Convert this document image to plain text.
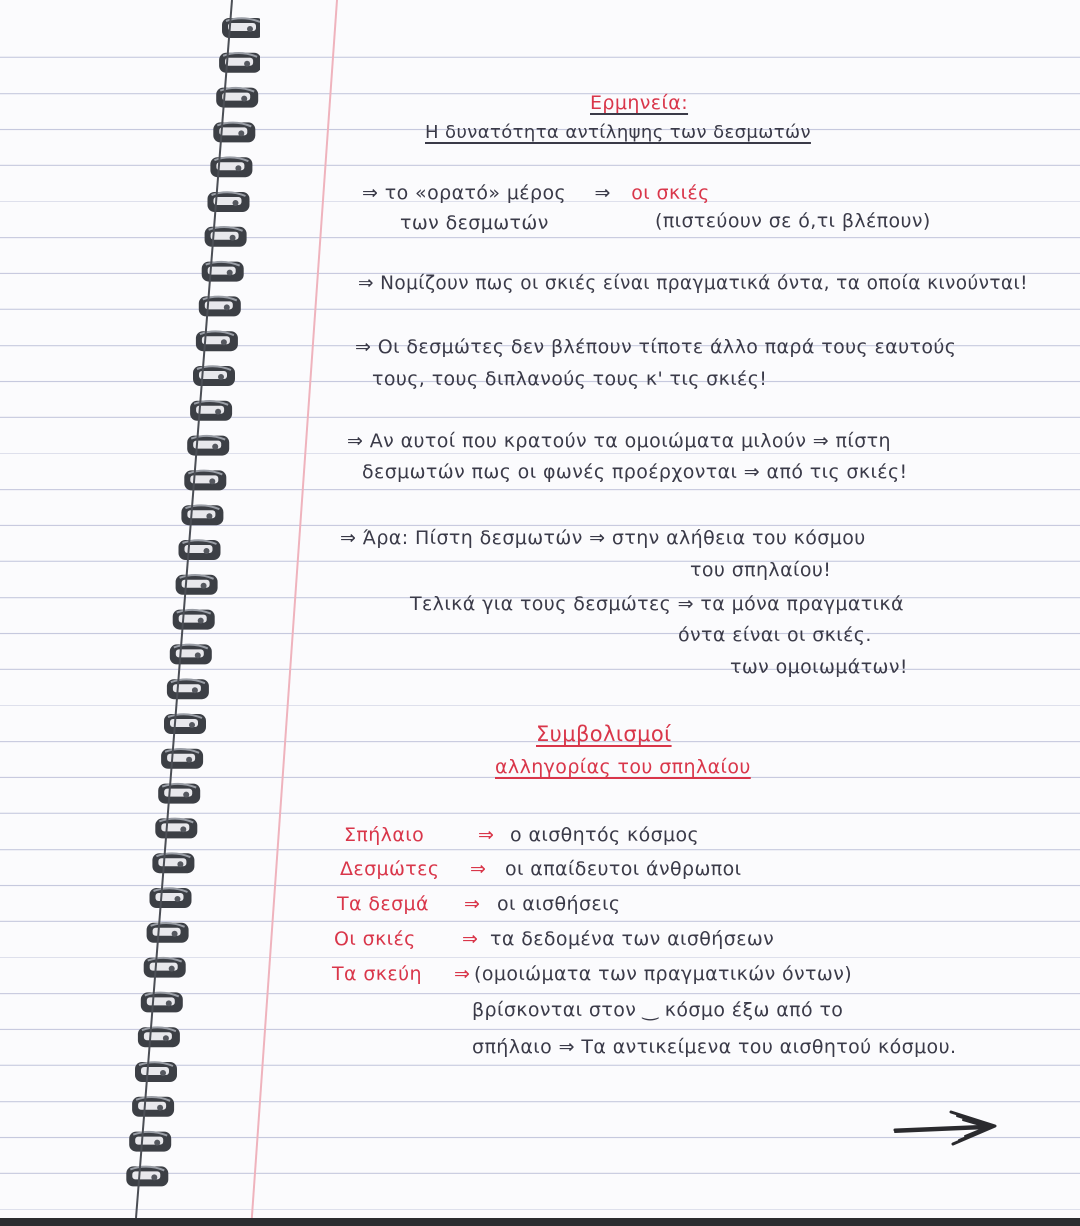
Ερμηνεία:
Η δυνατότητα αντίληψης των δεσμωτών
⇒ το «ορατό» μέρος ⇒ οι σκιές
των δεσμωτών	(πιστεύουν σε ό,τι βλέπουν)
⇒ Νομίζουν πως οι σκιές είναι πραγματικά όντα, τα οποία κινούνται!
⇒ Οι δεσμώτες δεν βλέπουν τίποτε άλλο παρά τους εαυτούς
τους, τους διπλανούς τους κ' τις σκιές!
⇒ Αν αυτοί που κρατούν τα ομοιώματα μιλούν ⇒ πίστη
δεσμωτών πως οι φωνές προέρχονται ⇒ από τις σκιές!
⇒ Άρα: Πίστη δεσμωτών ⇒ στην αλήθεια του κόσμου
του σπηλαίου!
Τελικά για τους δεσμώτες ⇒ τα μόνα πραγματικά
όντα είναι οι σκιές.
των ομοιωμάτων!
Συμβολισμοί
αλληγορίας του σπηλαίου
Σπήλαιο	⇒ ο αισθητός κόσμος
Δεσμώτες ⇒ οι απαίδευτοι άνθρωποι
Τα δεσμά ⇒ οι αισθήσεις
Οι σκιές ⇒ τα δεδομένα των αισθήσεων
Τα σκεύη ⇒ (ομοιώματα των πραγματικών όντων)
βρίσκονται στον ‿ κόσμο έξω από το
σπήλαιο ⇒ Τα αντικείμενα του αισθητού κόσμου.
